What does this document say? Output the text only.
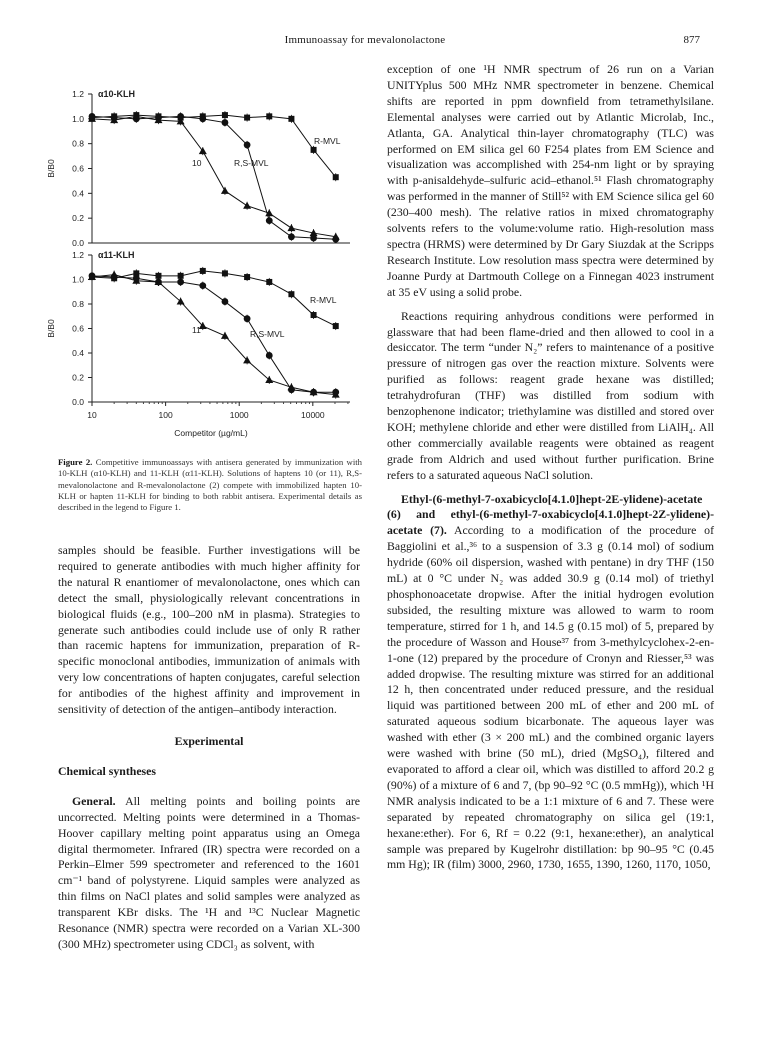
Immunoassay for mevalonolactone	877
1.2
1.0
0.8
0.6
0.4
0.2
0.0
B/B0
α10-KLH
10	R,S-MVL
R-MVL
1.2
1.0
0.8
0.6
0.4
0.2
0.0
B/B0
10	100	1000	10000
Competitor (µg/mL)
α11-KLH
11	R,S-MVL
R-MVL
Figure 2. Competitive immunoassays with antisera generated by immunization with 10-KLH (α10-KLH) and 11-KLH (α11-KLH). Solutions of haptens 10 (or 11), R,S-mevalonolactone and R-mevalonolactone (2) compete with immobilized hapten 10-KLH or hapten 11-KLH for binding to both rabbit antisera. Experimental details as described in the legend to Figure 1.

samples should be feasible. Further investigations will be required to generate antibodies with much higher affinity for the natural R enantiomer of mevalonolactone, ones which can detect the small, physiologically relevant concentrations in biological fluids (e.g., 100–200 nM in plasma). Strategies to generate such antibodies could include use of only R rather than racemic haptens for immunization, preparation of R-specific monoclonal antibodies, immunization of animals with very low concentrations of hapten conjugates, careful selection for antibodies of the highest affinity and improvement in sensitivity of detection of the antigen–antibody interaction.

Experimental
Chemical syntheses

General. All melting points and boiling points are uncorrected. Melting points were determined in a Thomas-Hoover capillary melting point apparatus using an Omega digital thermometer. Infrared (IR) spectra were recorded on a Perkin–Elmer 599 spectrometer and referenced to the 1601 cm⁻¹ band of polystyrene. Liquid samples were analyzed as thin films on NaCl plates and solid samples were analyzed as transparent KBr disks. The ¹H and ¹³C Nuclear Magnetic Resonance (NMR) spectra were recorded on a Varian XL-300 (300 MHz) spectrometer using CDCl₃ as solvent, with

exception of one ¹H NMR spectrum of 26 run on a Varian UNITYplus 500 MHz NMR spectrometer in benzene. Chemical shifts are reported in ppm downfield from tetramethylsilane. Elemental analyses were carried out by Atlantic Microlab, Inc., Atlanta, GA. Analytical thin-layer chromatography (TLC) was performed on EM silica gel 60 F254 plates from EM Science and visualization was accomplished with 254-nm light or by spraying with p-anisaldehyde–sulfuric acid–ethanol.⁵¹ Flash chromatography was performed in the manner of Still⁵² with EM Science silica gel 60 (230–400 mesh). The relative ratios in mixed chromatography solvents refers to the volume:volume ratio. High-resolution mass spectra (HRMS) were determined by Dr Gary Siuzdak at the Scripps Research Institute. Low resolution mass spectra were determined by Joanne Purdy at Dartmouth College on a Finnegan 4023 instrument at 35 eV using a solid probe.

Reactions requiring anhydrous conditions were performed in glassware that had been flame-dried and then allowed to cool in a desiccator. The term “under N₂” refers to maintenance of a positive pressure of nitrogen gas over the reaction mixture. Solvents were purified as follows: reagent grade hexane was distilled; tetrahydrofuran (THF) was distilled from sodium with benzophenone indicator; triethylamine was distilled and stored over KOH; methylene chloride and ether were distilled from LiAlH₄. All other commercially available reagents were obtained as reagent grade from Aldrich and used without further purification. Brine refers to a saturated aqueous NaCl solution.

Ethyl-(6-methyl-7-oxabicyclo[4.1.0]hept-2E-ylidene)-acetate (6) and ethyl-(6-methyl-7-oxabicyclo[4.1.0]hept-2Z-ylidene)-acetate (7). According to a modification of the procedure of Baggiolini et al.,³⁶ to a suspension of 3.3 g (0.14 mol) of sodium hydride (60% oil dispersion, washed with pentane) in dry THF (150 mL) at 0 °C under N₂ was added 30.9 g (0.14 mol) of triethyl phosphonoacetate dropwise. After the initial hydrogen evolution subsided, the resulting mixture was allowed to warm to room temperature, stirred for 1 h, and 14.5 g (0.15 mol) of 5, prepared by the procedure of Wasson and House³⁷ from 3-methylcyclohex-2-en-1-one (12) prepared by the procedure of Cronyn and Riesser,⁵³ was added dropwise. The resulting mixture was stirred for an additional 12 h, then concentrated under reduced pressure, and the residual liquid was partitioned between 200 mL of ether and 200 mL of saturated aqueous sodium bicarbonate. The aqueous layer was washed with ether (3 × 200 mL) and the combined organic layers were washed with brine (50 mL), dried (MgSO₄), filtered and evaporated to afford a clear oil, which was distilled to afford 20.2 g (90%) of a mixture of 6 and 7, (bp 90–92 °C (0.5 mmHg)), which ¹H NMR analysis indicated to be a 1:1 mixture of 6 and 7. These were separated by repeated chromatography on silica gel (19:1, hexane:ether). For 6, Rf = 0.22 (9:1, hexane:ether), an analytical sample was prepared by Kugelrohr distillation: bp 90–95 °C (0.45 mm Hg); IR (film) 3000, 2960, 1730, 1655, 1390, 1260, 1170, 1050,
